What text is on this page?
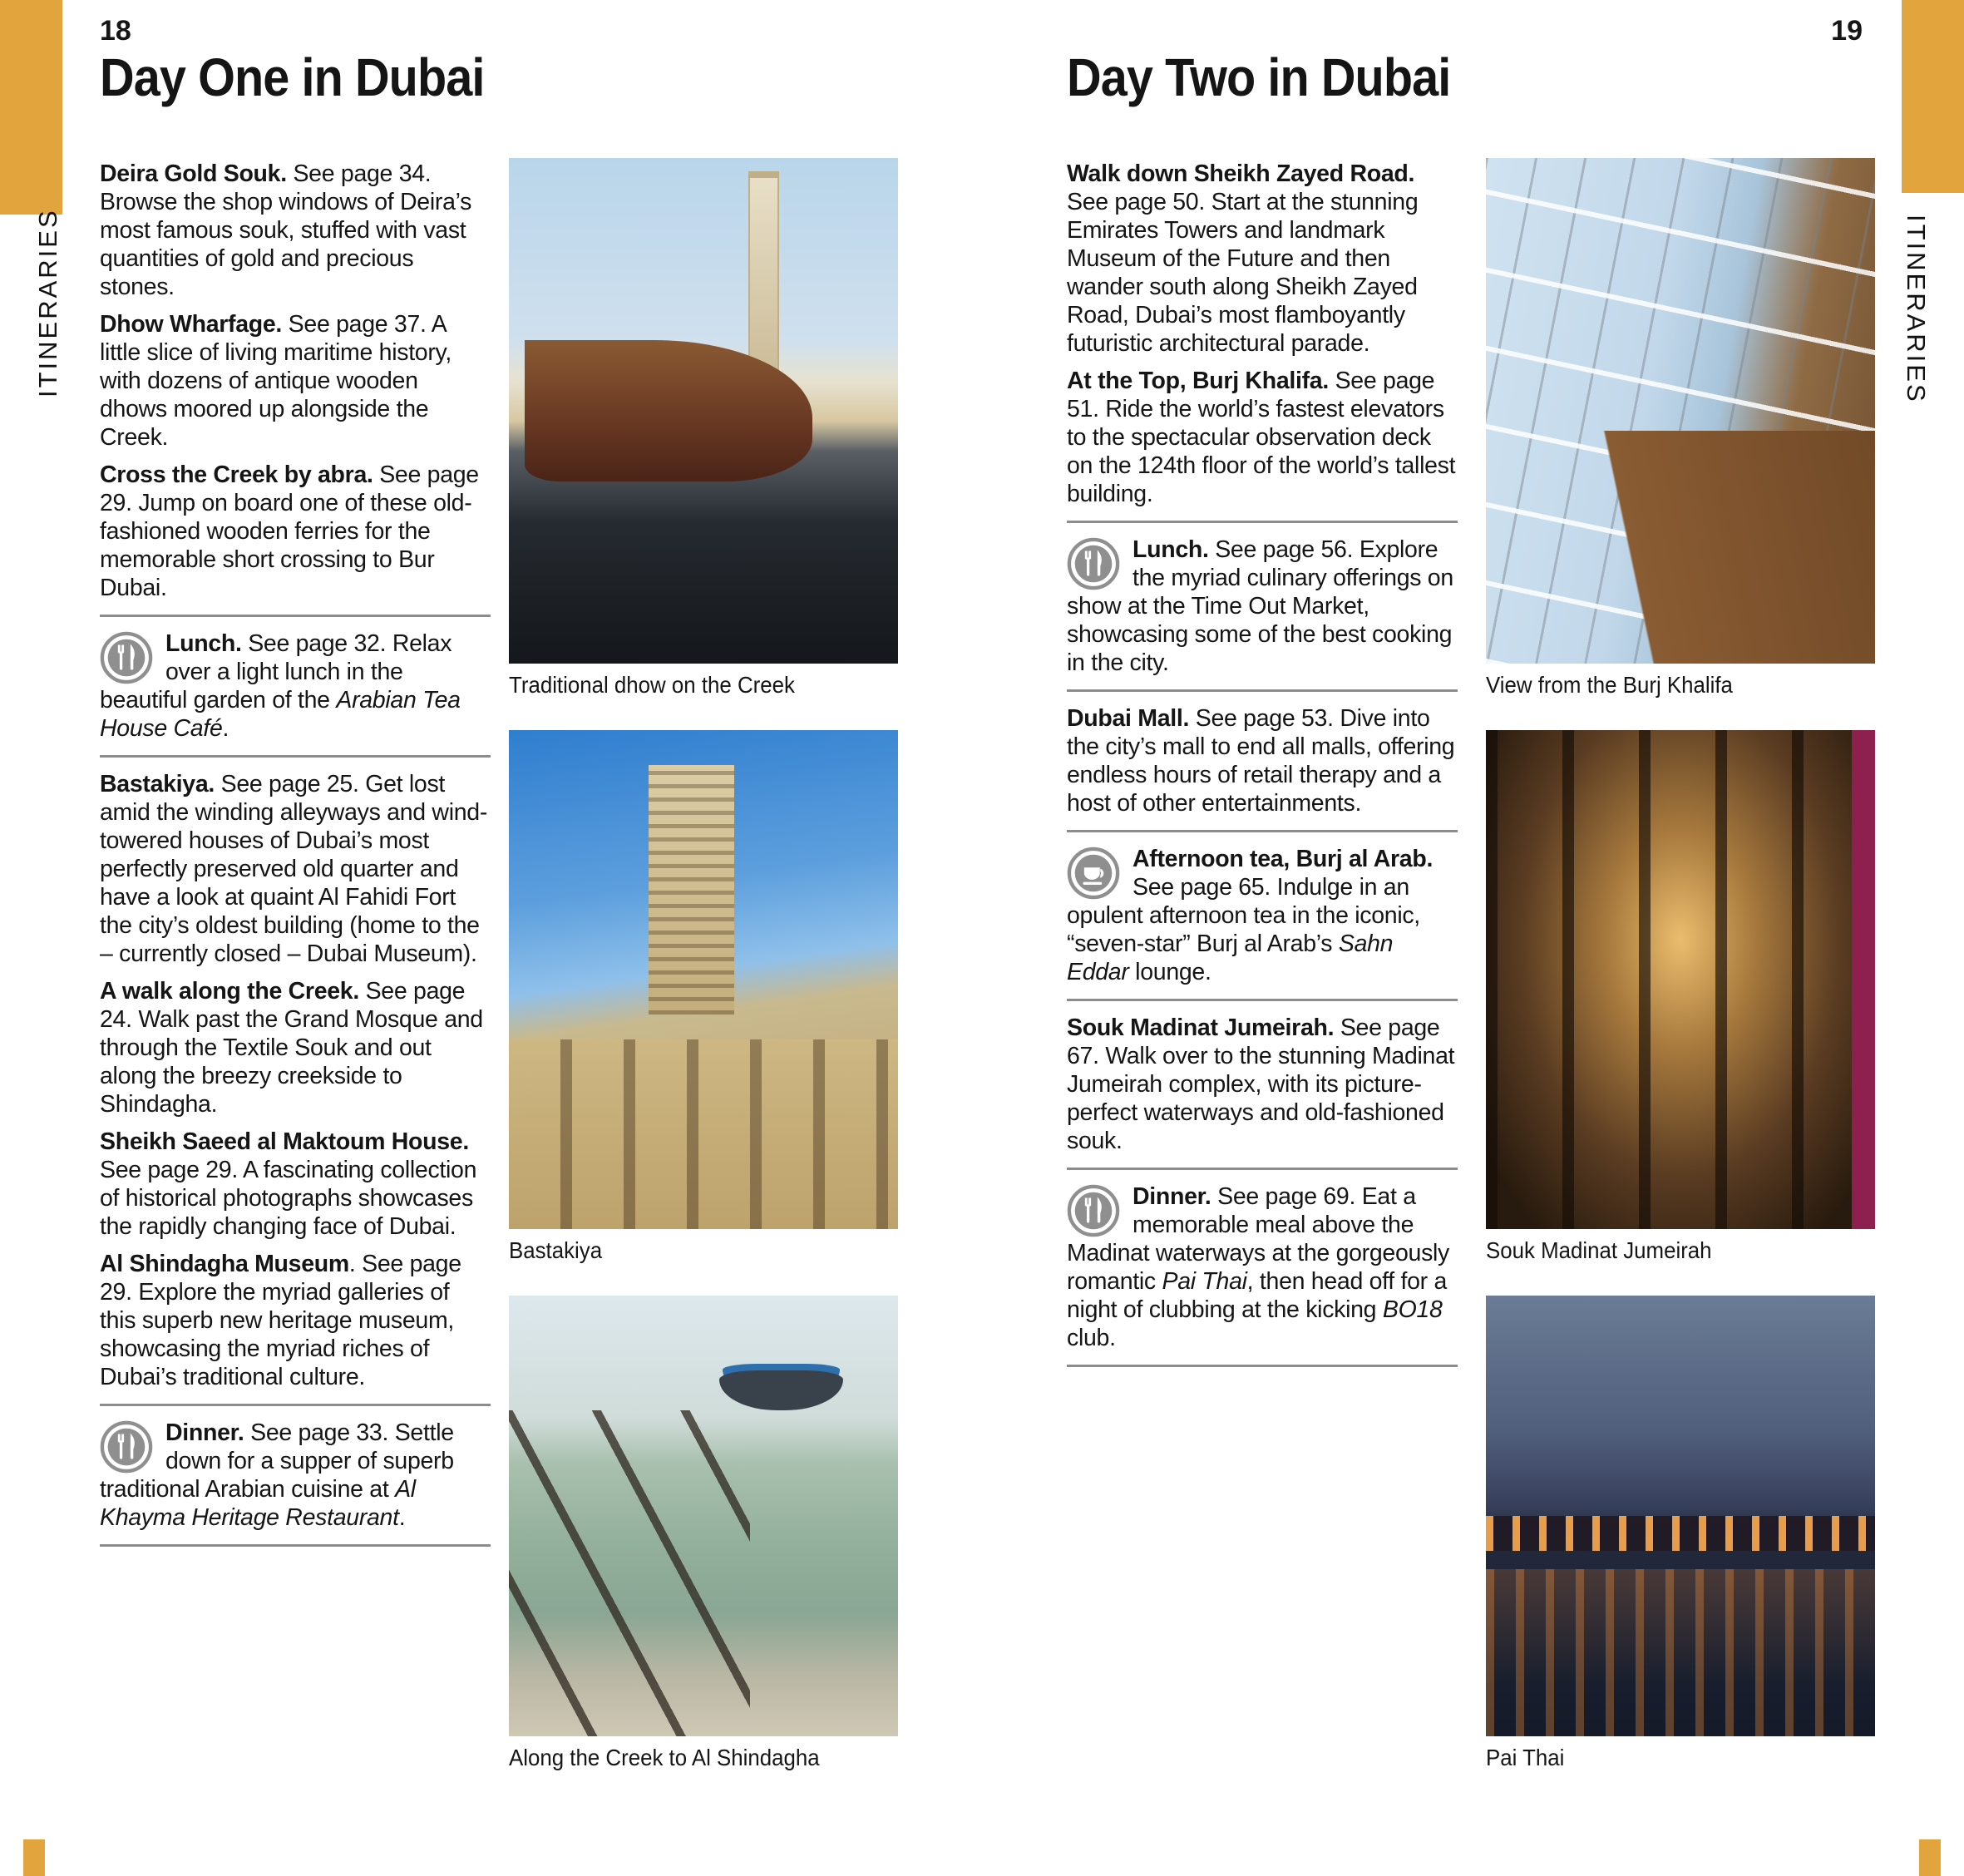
ITINERARIES	ITINERARIES
18
Day One in Dubai
19
Day Two in Dubai

Deira Gold Souk. See page 34. Browse the shop windows of Deira’s most famous souk, stuffed with vast quantities of gold and precious stones.

Dhow Wharfage. See page 37. A little slice of living maritime history, with dozens of antique wooden dhows moored up alongside the Creek.

Cross the Creek by abra. See page 29. Jump on board one of these old-fashioned wooden ferries for the memorable short crossing to Bur Dubai.

Lunch. See page 32. Relax over a light lunch in the beautiful garden of the Arabian Tea House Café.

Bastakiya. See page 25. Get lost amid the winding alleyways and wind-towered houses of Dubai’s most perfectly preserved old quarter and have a look at quaint Al Fahidi Fort the city’s oldest building (home to the – currently closed – Dubai Museum).

A walk along the Creek. See page 24. Walk past the Grand Mosque and through the Textile Souk and out along the breezy creekside to Shindagha.

Sheikh Saeed al Maktoum House. See page 29. A fascinating collection of historical photographs showcases the rapidly changing face of Dubai.

Al Shindagha Museum. See page 29. Explore the myriad galleries of this superb new heritage museum, showcasing the myriad riches of Dubai’s traditional culture.

Dinner. See page 33. Settle down for a supper of superb traditional Arabian cuisine at Al Khayma Heritage Restaurant.

Walk down Sheikh Zayed Road. See page 50. Start at the stunning Emirates Towers and landmark Museum of the Future and then wander south along Sheikh Zayed Road, Dubai’s most flamboyantly futuristic architectural parade.

At the Top, Burj Khalifa. See page 51. Ride the world’s fastest elevators to the spectacular observation deck on the 124th floor of the world’s tallest building.

Lunch. See page 56. Explore the myriad culinary offerings on show at the Time Out Market, showcasing some of the best cooking in the city.

Dubai Mall. See page 53. Dive into the city’s mall to end all malls, offering endless hours of retail therapy and a host of other entertainments.

Afternoon tea, Burj al Arab. See page 65. Indulge in an opulent afternoon tea in the iconic, “seven-star” Burj al Arab’s Sahn Eddar lounge.

Souk Madinat Jumeirah. See page 67. Walk over to the stunning Madinat Jumeirah complex, with its picture-perfect waterways and old-fashioned souk.

Dinner. See page 69. Eat a memorable meal above the Madinat waterways at the gorgeously romantic Pai Thai, then head off for a night of clubbing at the kicking BO18 club.

Traditional dhow on the Creek
Bastakiya
Along the Creek to Al Shindagha
View from the Burj Khalifa
Souk Madinat Jumeirah
Pai Thai
